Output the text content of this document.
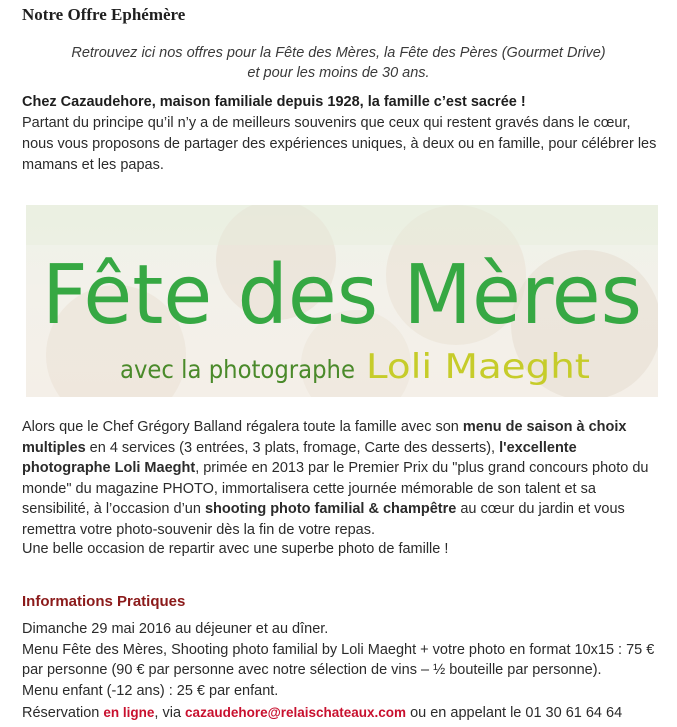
Notre Offre Ephémère

Retrouvez ici nos offres pour la Fête des Mères, la Fête des Pères (Gourmet Drive)
et pour les moins de 30 ans.

Chez Cazaudehore, maison familiale depuis 1928, la famille c’est sacrée !
Partant du principe qu’il n’y a de meilleurs souvenirs que ceux qui restent gravés dans le cœur, nous vous proposons de partager des expériences uniques, à deux ou en famille, pour célébrer les mamans et les papas.

Fête des Mères
avec la photographe Loli Maeght

Alors que le Chef Grégory Balland régalera toute la famille avec son menu de saison à choix multiples en 4 services (3 entrées, 3 plats, fromage, Carte des desserts), l'excellente photographe Loli Maeght, primée en 2013 par le Premier Prix du "plus grand concours photo du monde" du magazine PHOTO, immortalisera cette journée mémorable de son talent et sa sensibilité, à l’occasion d’un shooting photo familial & champêtre au cœur du jardin et vous remettra votre photo-souvenir dès la fin de votre repas.

Une belle occasion de repartir avec une superbe photo de famille !

Informations Pratiques

Dimanche 29 mai 2016 au déjeuner et au dîner.
Menu Fête des Mères, Shooting photo familial by Loli Maeght + votre photo en format 10x15 : 75 € par personne (90 € par personne avec notre sélection de vins – ½ bouteille par personne).
Menu enfant (-12 ans) : 25 € par enfant.

Réservation en ligne, via cazaudehore@relaischateaux.com ou en appelant le 01 30 61 64 64
